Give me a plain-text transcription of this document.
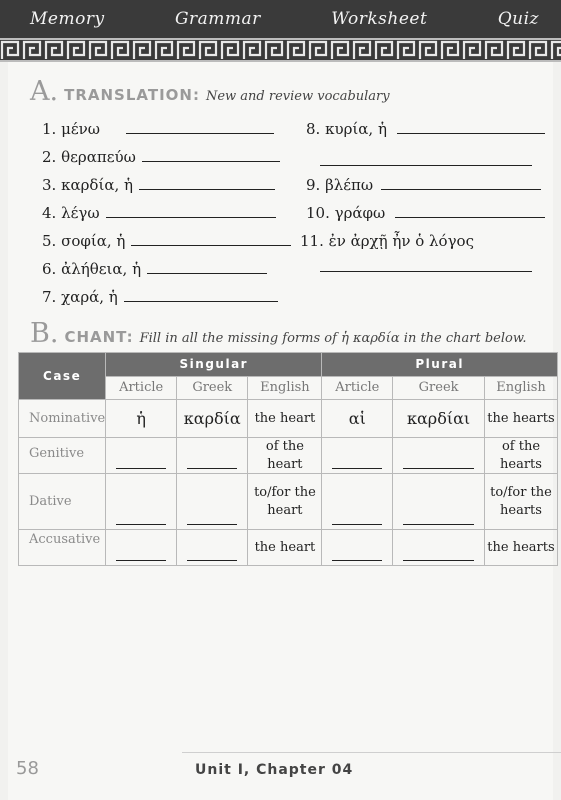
Memory	Grammar	Worksheet	Quiz
A. TRANSLATION: New and review vocabulary
1.
μένω
2.
θεραπεύω
3.
καρδία, ἡ
4.
λέγω
5.
σοφία, ἡ
6.
ἀλήθεια, ἡ
7.
χαρά, ἡ
8.
κυρία, ἡ
9.
βλέπω
10.
γράφω
11.
ἐν ἀρχῇ ἦν ὁ λόγος
B. CHANT: Fill in all the missing forms of ἡ καρδία in the chart below.
Case	Singular			Plural		
	Article	Greek	English	Article	Greek	English
Nominative	ἡ	καρδία	the heart	αἱ	καρδίαι	the hearts
Genitive			of the heart			of the hearts
Dative			to/for the heart			to/for the hearts
Accusative			the heart			the hearts
58	Unit I, Chapter 04
